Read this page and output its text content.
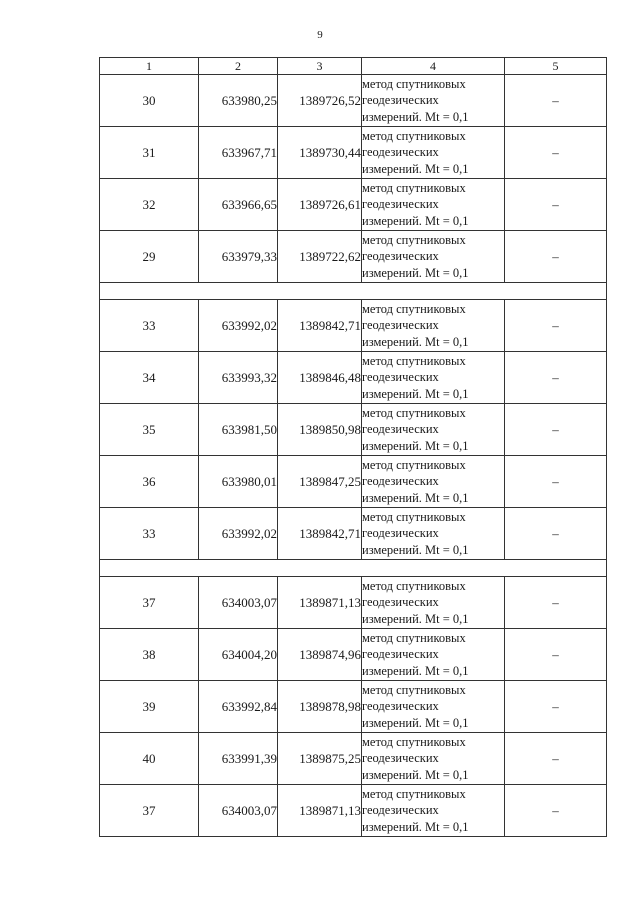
9
1	2	3	4	5
30	633980,25	1389726,52	метод спутниковых
геодезических
измерений. Mt = 0,1	–
31	633967,71	1389730,44	метод спутниковых
геодезических
измерений. Mt = 0,1	–
32	633966,65	1389726,61	метод спутниковых
геодезических
измерений. Mt = 0,1	–
29	633979,33	1389722,62	метод спутниковых
геодезических
измерений. Mt = 0,1	–

33	633992,02	1389842,71	метод спутниковых
геодезических
измерений. Mt = 0,1	–
34	633993,32	1389846,48	метод спутниковых
геодезических
измерений. Mt = 0,1	–
35	633981,50	1389850,98	метод спутниковых
геодезических
измерений. Mt = 0,1	–
36	633980,01	1389847,25	метод спутниковых
геодезических
измерений. Mt = 0,1	–
33	633992,02	1389842,71	метод спутниковых
геодезических
измерений. Mt = 0,1	–

37	634003,07	1389871,13	метод спутниковых
геодезических
измерений. Mt = 0,1	–
38	634004,20	1389874,96	метод спутниковых
геодезических
измерений. Mt = 0,1	–
39	633992,84	1389878,98	метод спутниковых
геодезических
измерений. Mt = 0,1	–
40	633991,39	1389875,25	метод спутниковых
геодезических
измерений. Mt = 0,1	–
37	634003,07	1389871,13	метод спутниковых
геодезических
измерений. Mt = 0,1	–
